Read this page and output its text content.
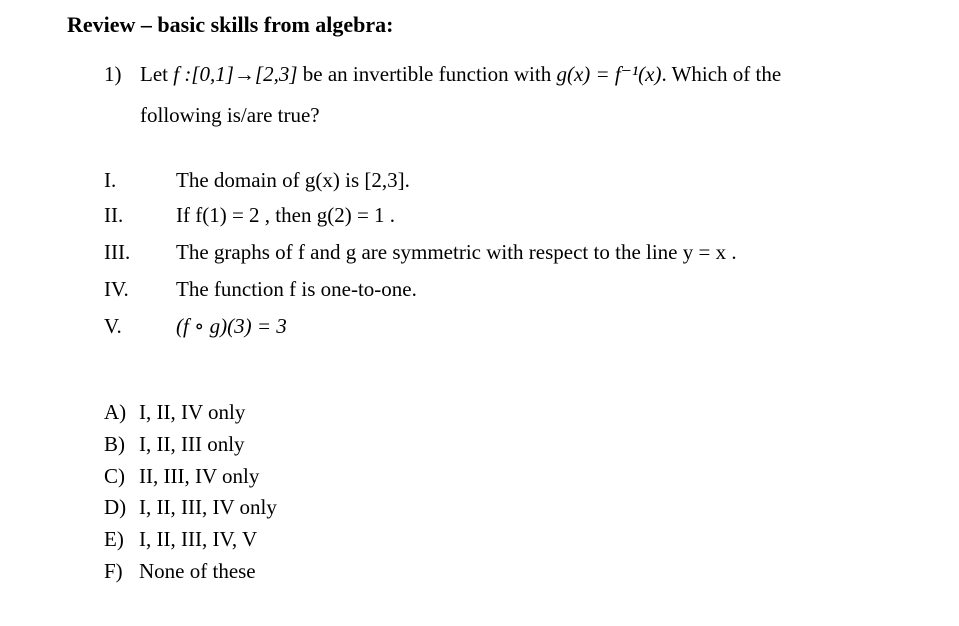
Review – basic skills from algebra:
1) Let f :[0,1]→[2,3] be an invertible function with g(x) = f⁻¹(x). Which of the
following is/are true?
I.	The domain of g(x) is [2,3].
II.	If f(1) = 2 , then g(2) = 1 .
III. The graphs of f and g are symmetric with respect to the line y = x .
IV. The function f is one-to-one.
V.	(f ∘ g)(3) = 3
A) I, II, IV only
B) I, II, III only
C) II, III, IV only
D) I, II, III, IV only
E) I, II, III, IV, V
F) None of these
